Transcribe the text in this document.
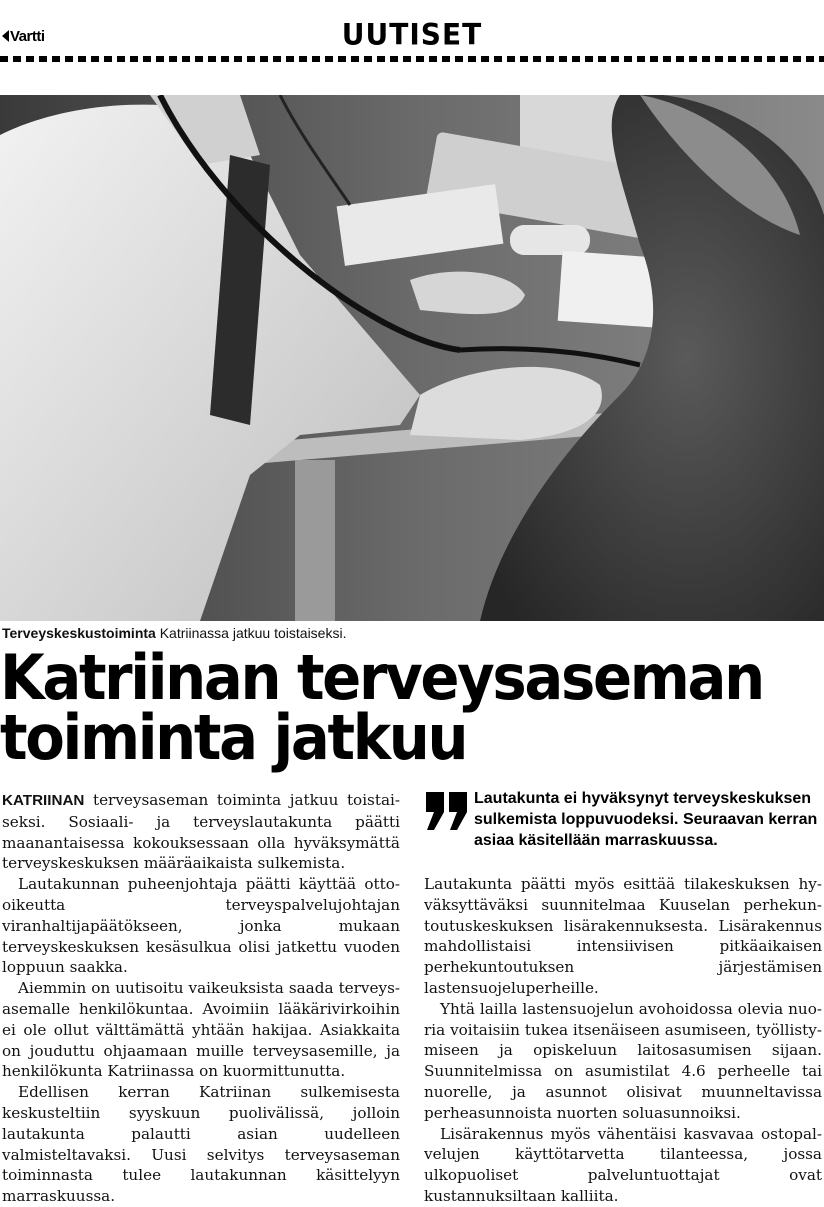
Vartti	UUTISET
Terveyskeskustoiminta Katriinassa jatkuu toistaiseksi.
Katriinan terveysaseman
toiminta jatkuu

KATRIINAN terveysaseman toiminta jatkuu toistaiseksi. Sosiaali- ja terveyslautakunta päätti maanantaisessa kokouksessaan olla hyväksymättä terveyskeskuksen määräaikaista sulkemista.

Lautakunnan puheenjohtaja päätti käyttää otto-oikeutta terveyspalvelujohtajan viranhaltijapäätökseen, jonka mukaan terveyskeskuksen kesäsulkua olisi jatkettu vuoden loppuun saakka.

Aiemmin on uutisoitu vaikeuksista saada terveysasemalle henkilökuntaa. Avoimiin lääkärivirkoihin ei ole ollut välttämättä yhtään hakijaa. Asiakkaita on jouduttu ohjaamaan muille terveysasemille, ja henkilökunta Katriinassa on kuormittunutta.

Edellisen kerran Katriinan sulkemisesta keskusteltiin syyskuun puolivälissä, jolloin lautakunta palautti asian uudelleen valmisteltavaksi. Uusi selvitys terveysaseman toiminnasta tulee lautakunnan käsittelyyn marraskuussa.

Lautakunta ei hyväksynyt terveyskeskuksen sulkemista loppuvuodeksi. Seuraavan kerran asiaa käsitellään marraskuussa.

Lautakunta päätti myös esittää tilakeskuksen hyväksyttäväksi suunnitelmaa Kuuselan perhekuntoutuskeskuksen lisärakennuksesta. Lisärakennus mahdollistaisi intensiivisen pitkäaikaisen perhekuntoutuksen järjestämisen lastensuojeluperheille.

Yhtä lailla lastensuojelun avohoidossa olevia nuoria voitaisiin tukea itsenäiseen asumiseen, työllistymiseen ja opiskeluun laitosasumisen sijaan. Suunnitelmissa on asumistilat 4.6 perheelle tai nuorelle, ja asunnot olisivat muunneltavissa perheasunnoista nuorten soluasunnoiksi.

Lisärakennus myös vähentäisi kasvavaa ostopalvelujen käyttötarvetta tilanteessa, jossa ulkopuoliset palveluntuottajat ovat kustannuksiltaan kalliita.
